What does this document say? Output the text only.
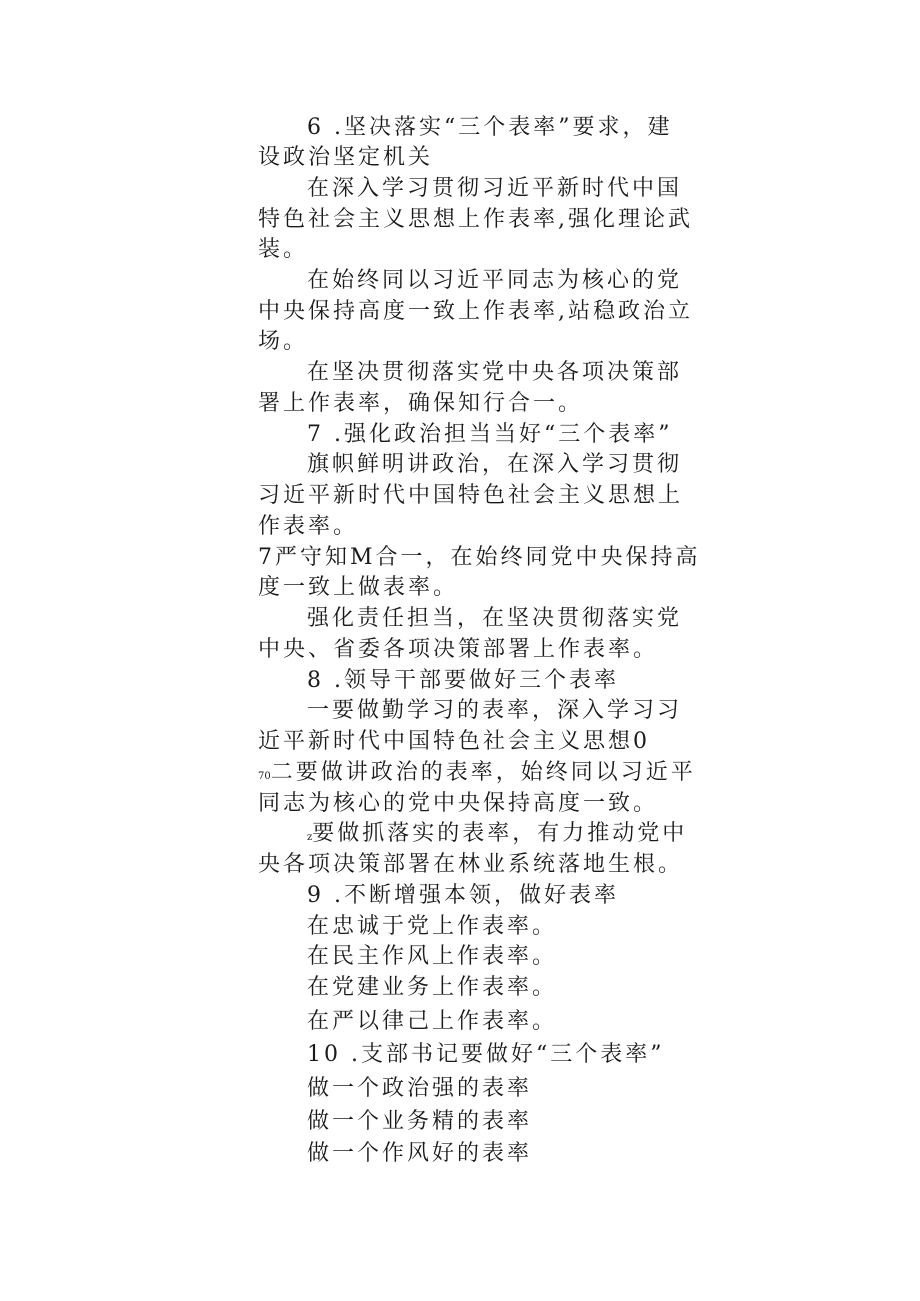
6 .坚决落实“三个表率”要求，建
设政治坚定机关
在深入学习贯彻习近平新时代中国
特色社会主义思想上作表率,强化理论武
装。
在始终同以习近平同志为核心的党
中央保持高度一致上作表率,站稳政治立
场。
在坚决贯彻落实党中央各项决策部
署上作表率，确保知行合一。
7 .强化政治担当当好“三个表率”
旗帜鲜明讲政治，在深入学习贯彻
习近平新时代中国特色社会主义思想上
作表率。
7严守知M合一，在始终同党中央保持高
度一致上做表率。
强化责任担当，在坚决贯彻落实党
中央、省委各项决策部署上作表率。
8 .领导干部要做好三个表率
一要做勤学习的表率，深入学习习
近平新时代中国特色社会主义思想0
70二要做讲政治的表率，始终同以习近平
同志为核心的党中央保持高度一致。
z要做抓落实的表率，有力推动党中
央各项决策部署在林业系统落地生根。
9 .不断增强本领，做好表率
在忠诚于党上作表率。
在民主作风上作表率。
在党建业务上作表率。
在严以律己上作表率。
10 .支部书记要做好“三个表率”
做一个政治强的表率
做一个业务精的表率
做一个作风好的表率
